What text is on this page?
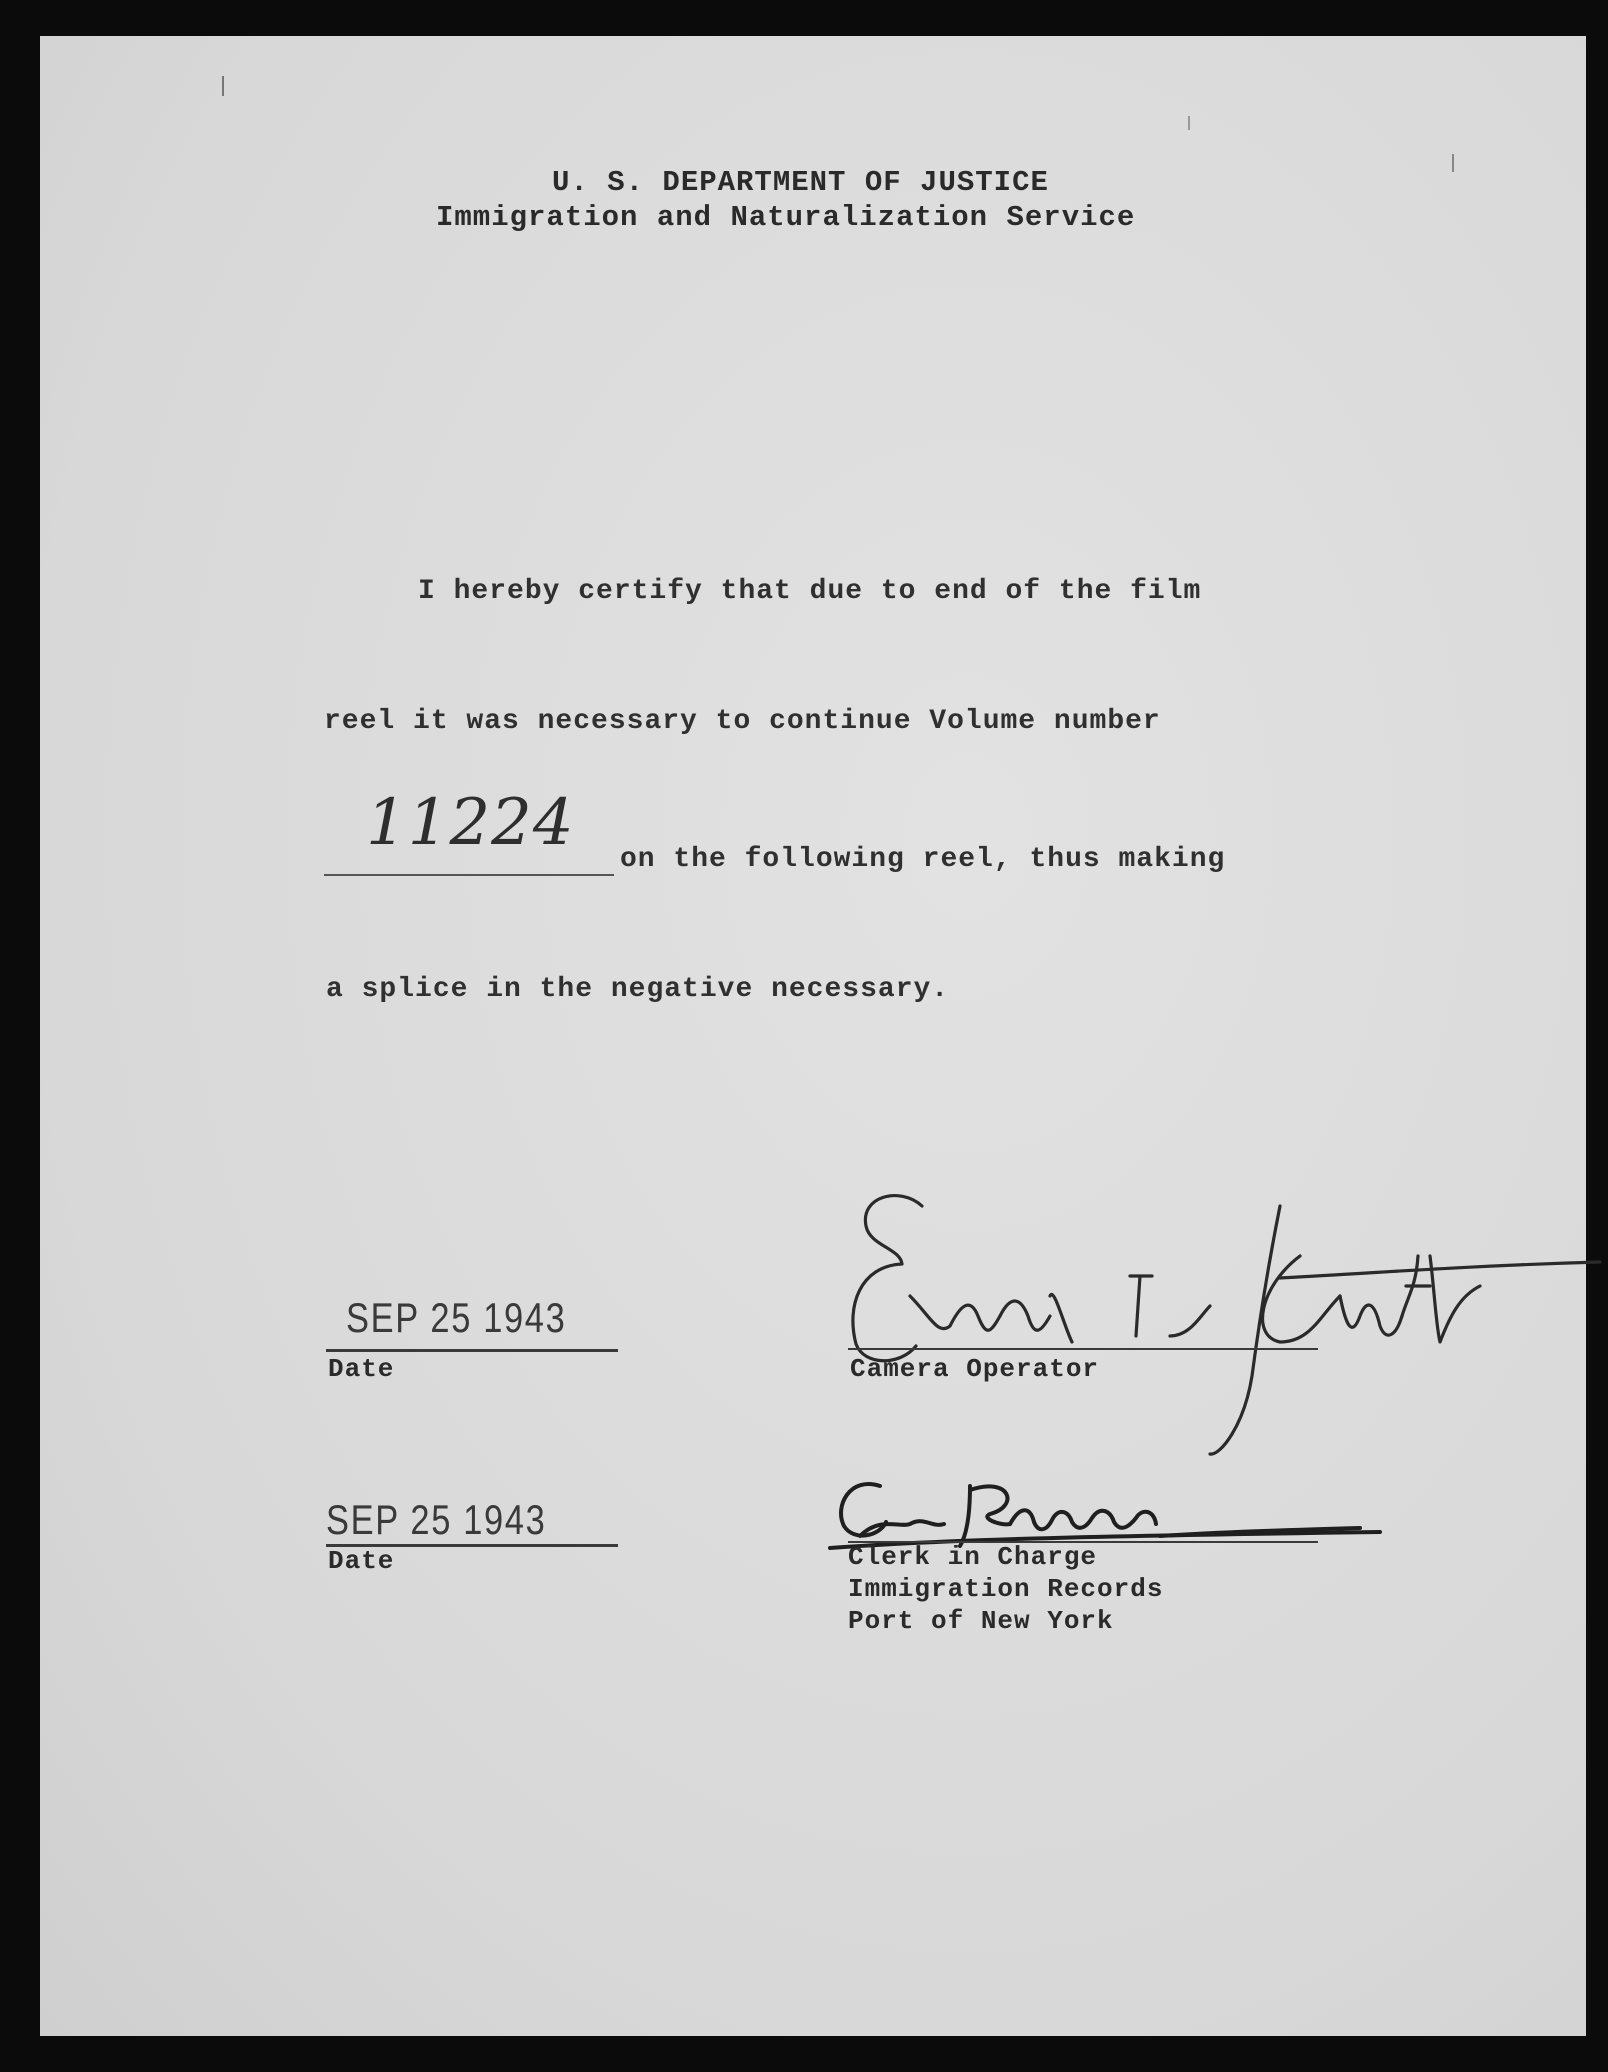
U. S. DEPARTMENT OF JUSTICE
Immigration and Naturalization Service
I hereby certify that due to end of the film
reel it was necessary to continue Volume number
11224 on the following reel, thus making
a splice in the negative necessary.
SEP 25 1943
Date	Camera Operator
SEP 25 1943
Date	Clerk in Charge
Immigration Records
Port of New York
